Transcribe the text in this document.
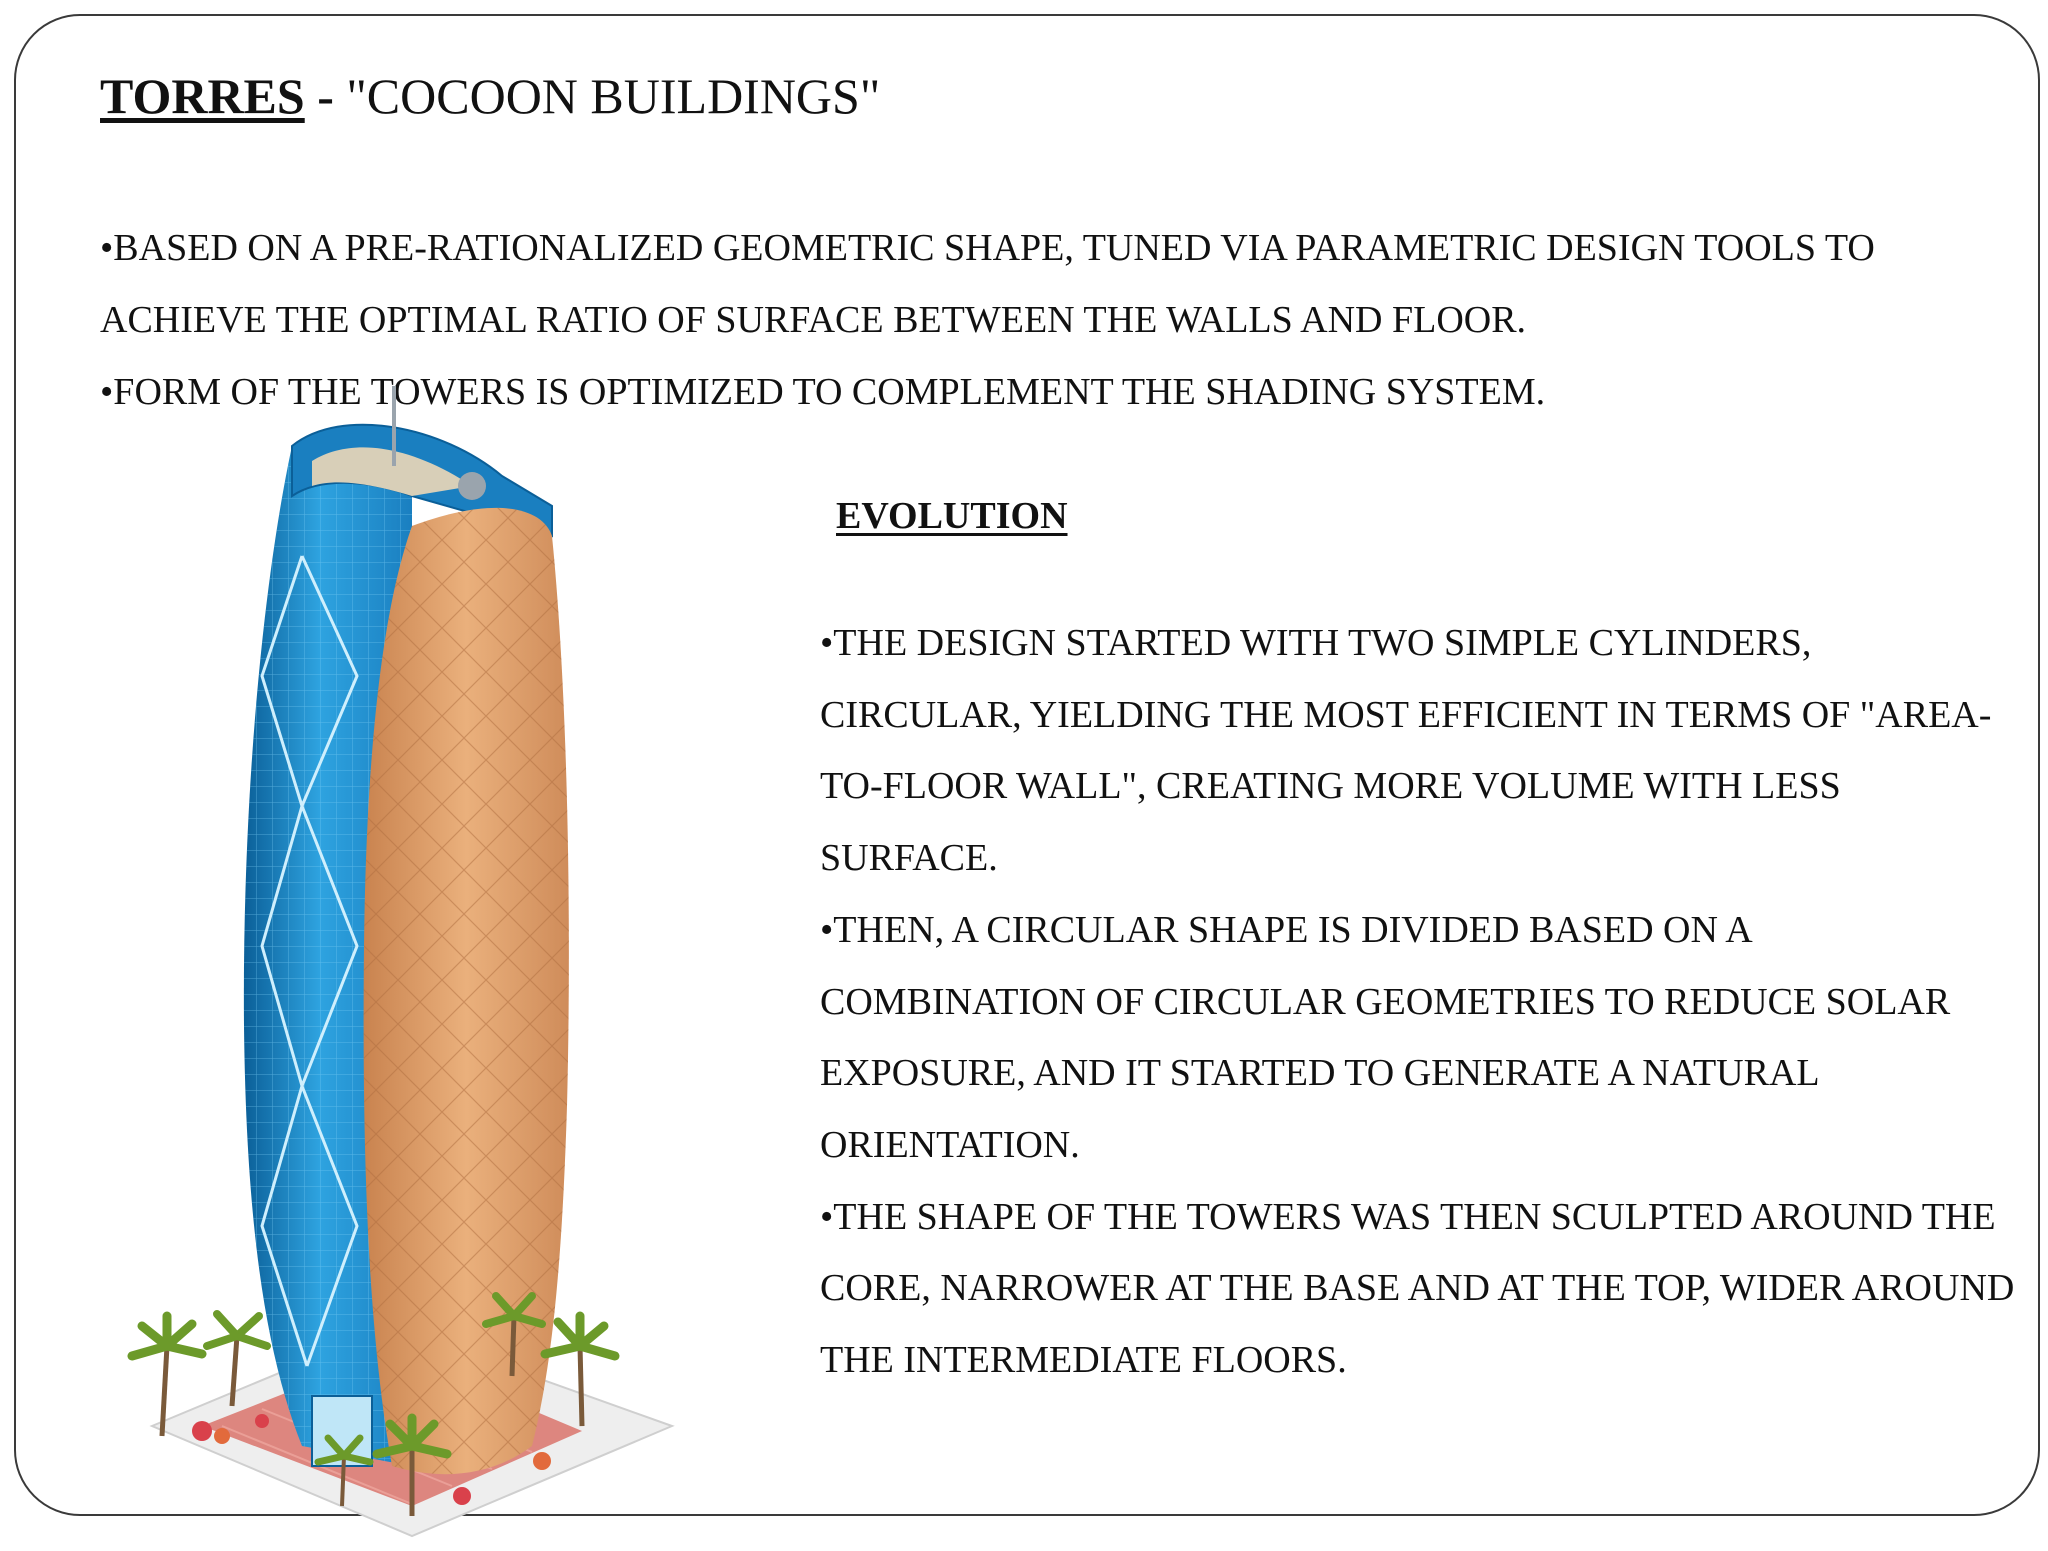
TORRES - "COCOON BUILDINGS"

•BASED ON A PRE-RATIONALIZED GEOMETRIC SHAPE, TUNED VIA PARAMETRIC DESIGN TOOLS TO ACHIEVE THE OPTIMAL RATIO OF SURFACE BETWEEN THE WALLS AND FLOOR.

•FORM OF THE TOWERS IS OPTIMIZED TO COMPLEMENT THE SHADING SYSTEM.

EVOLUTION

•THE DESIGN STARTED WITH TWO SIMPLE CYLINDERS, CIRCULAR, YIELDING THE MOST EFFICIENT IN TERMS OF "AREA-TO-FLOOR WALL", CREATING MORE VOLUME WITH LESS SURFACE.

•THEN, A CIRCULAR SHAPE IS DIVIDED BASED ON A COMBINATION OF CIRCULAR GEOMETRIES TO REDUCE SOLAR EXPOSURE, AND IT STARTED TO GENERATE A NATURAL ORIENTATION.

•THE SHAPE OF THE TOWERS WAS THEN SCULPTED AROUND THE CORE, NARROWER AT THE BASE AND AT THE TOP, WIDER AROUND THE INTERMEDIATE FLOORS.
